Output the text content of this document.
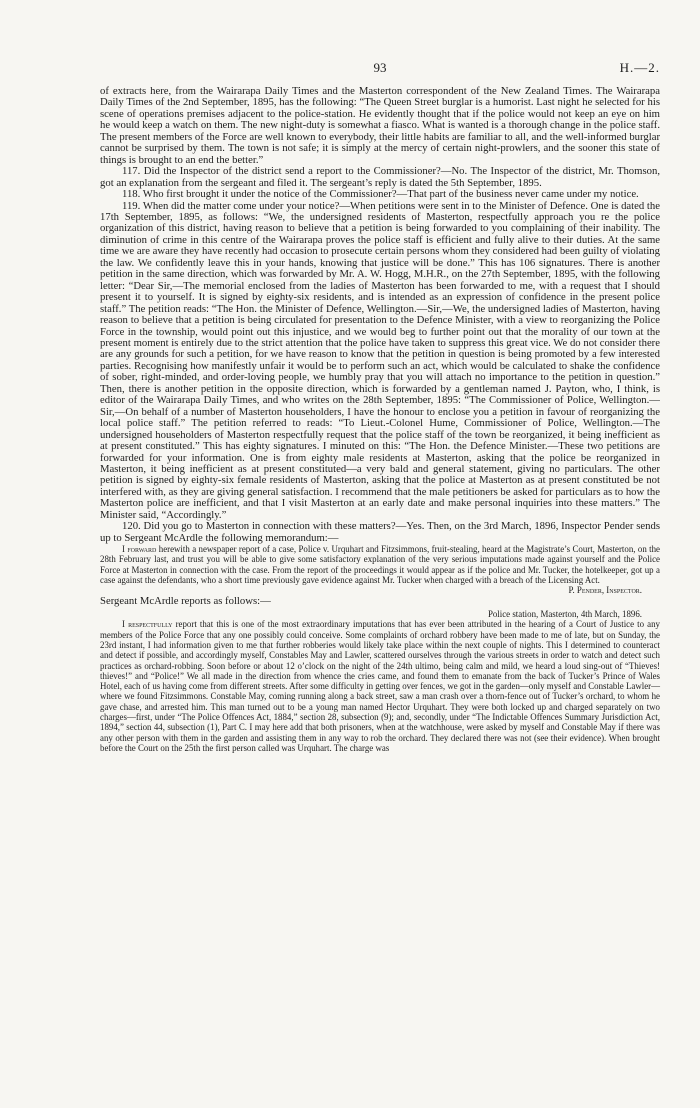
93	H.—2.

of extracts here, from the Wairarapa Daily Times and the Masterton correspondent of the New Zealand Times. The Wairarapa Daily Times of the 2nd September, 1895, has the following: “The Queen Street burglar is a humorist. Last night he selected for his scene of operations premises adjacent to the police-station. He evidently thought that if the police would not keep an eye on him he would keep a watch on them. The new night-duty is somewhat a fiasco. What is wanted is a thorough change in the police staff. The present members of the Force are well known to everybody, their little habits are familiar to all, and the well-informed burglar cannot be surprised by them. The town is not safe; it is simply at the mercy of certain night-prowlers, and the sooner this state of things is brought to an end the better.”

117. Did the Inspector of the district send a report to the Commissioner?—No. The Inspector of the district, Mr. Thomson, got an explanation from the sergeant and filed it. The sergeant’s reply is dated the 5th September, 1895.

118. Who first brought it under the notice of the Commissioner?—That part of the business never came under my notice.

119. When did the matter come under your notice?—When petitions were sent in to the Minister of Defence. One is dated the 17th September, 1895, as follows: “We, the undersigned residents of Masterton, respectfully approach you re the police organization of this district, having reason to believe that a petition is being forwarded to you complaining of their inability. The diminution of crime in this centre of the Wairarapa proves the police staff is efficient and fully alive to their duties. At the same time we are aware they have recently had occasion to prosecute certain persons whom they considered had been guilty of violating the law. We confidently leave this in your hands, knowing that justice will be done.” This has 106 signatures. There is another petition in the same direction, which was forwarded by Mr. A. W. Hogg, M.H.R., on the 27th September, 1895, with the following letter: “Dear Sir,—The memorial enclosed from the ladies of Masterton has been forwarded to me, with a request that I should present it to yourself. It is signed by eighty-six residents, and is intended as an expression of confidence in the present police staff.” The petition reads: “The Hon. the Minister of Defence, Wellington.—Sir,—We, the undersigned ladies of Masterton, having reason to believe that a petition is being circulated for presentation to the Defence Minister, with a view to reorganizing the Police Force in the township, would point out this injustice, and we would beg to further point out that the morality of our town at the present moment is entirely due to the strict attention that the police have taken to suppress this great vice. We do not consider there are any grounds for such a petition, for we have reason to know that the petition in question is being promoted by a few interested parties. Recognising how manifestly unfair it would be to perform such an act, which would be calculated to shake the confidence of sober, right-minded, and order-loving people, we humbly pray that you will attach no importance to the petition in question.” Then, there is another petition in the opposite direction, which is forwarded by a gentleman named J. Payton, who, I think, is editor of the Wairarapa Daily Times, and who writes on the 28th September, 1895: “The Commissioner of Police, Wellington.—Sir,—On behalf of a number of Masterton householders, I have the honour to enclose you a petition in favour of reorganizing the local police staff.” The petition referred to reads: “To Lieut.-Colonel Hume, Commissioner of Police, Wellington.—The undersigned householders of Masterton respectfully request that the police staff of the town be reorganized, it being inefficient as at present constituted.” This has eighty signatures. I minuted on this: “The Hon. the Defence Minister.—These two petitions are forwarded for your information. One is from eighty male residents at Masterton, asking that the police be reorganized in Masterton, it being inefficient as at present constituted—a very bald and general statement, giving no particulars. The other petition is signed by eighty-six female residents of Masterton, asking that the police at Masterton as at present constituted be not interfered with, as they are giving general satisfaction. I recommend that the male petitioners be asked for particulars as to how the Masterton police are inefficient, and that I visit Masterton at an early date and make personal inquiries into these matters.” The Minister said, “Accordingly.”

120. Did you go to Masterton in connection with these matters?—Yes. Then, on the 3rd March, 1896, Inspector Pender sends up to Sergeant McArdle the following memorandum:—

I forward herewith a newspaper report of a case, Police v. Urquhart and Fitzsimmons, fruit-stealing, heard at the Magistrate’s Court, Masterton, on the 28th February last, and trust you will be able to give some satisfactory explanation of the very serious imputations made against yourself and the Police Force at Masterton in connection with the case. From the report of the proceedings it would appear as if the police and Mr. Tucker, the hotelkeeper, got up a case against the defendants, who a short time previously gave evidence against Mr. Tucker when charged with a breach of the Licensing Act.

P. Pender, Inspector.

Sergeant McArdle reports as follows:—

Police station, Masterton, 4th March, 1896.

I respectfully report that this is one of the most extraordinary imputations that has ever been attributed in the hearing of a Court of Justice to any members of the Police Force that any one possibly could conceive. Some complaints of orchard robbery have been made to me of late, but on Sunday, the 23rd instant, I had information given to me that further robberies would likely take place within the next couple of nights. This I determined to counteract and detect if possible, and accordingly myself, Constables May and Lawler, scattered ourselves through the various streets in order to watch and detect such practices as orchard-robbing. Soon before or about 12 o’clock on the night of the 24th ultimo, being calm and mild, we heard a loud sing-out of “Thieves! thieves!” and “Police!” We all made in the direction from whence the cries came, and found them to emanate from the back of Tucker’s Prince of Wales Hotel, each of us having come from different streets. After some difficulty in getting over fences, we got in the garden—only myself and Constable Lawler—where we found Fitzsimmons. Constable May, coming running along a back street, saw a man crash over a thorn-fence out of Tucker’s orchard, to whom he gave chase, and arrested him. This man turned out to be a young man named Hector Urquhart. They were both locked up and charged separately on two charges—first, under “The Police Offences Act, 1884,” section 28, subsection (9); and, secondly, under “The Indictable Offences Summary Jurisdiction Act, 1894,” section 44, subsection (1), Part C. I may here add that both prisoners, when at the watchhouse, were asked by myself and Constable May if there was any other person with them in the garden and assisting them in any way to rob the orchard. They declared there was not (see their evidence). When brought before the Court on the 25th the first person called was Urquhart. The charge was
